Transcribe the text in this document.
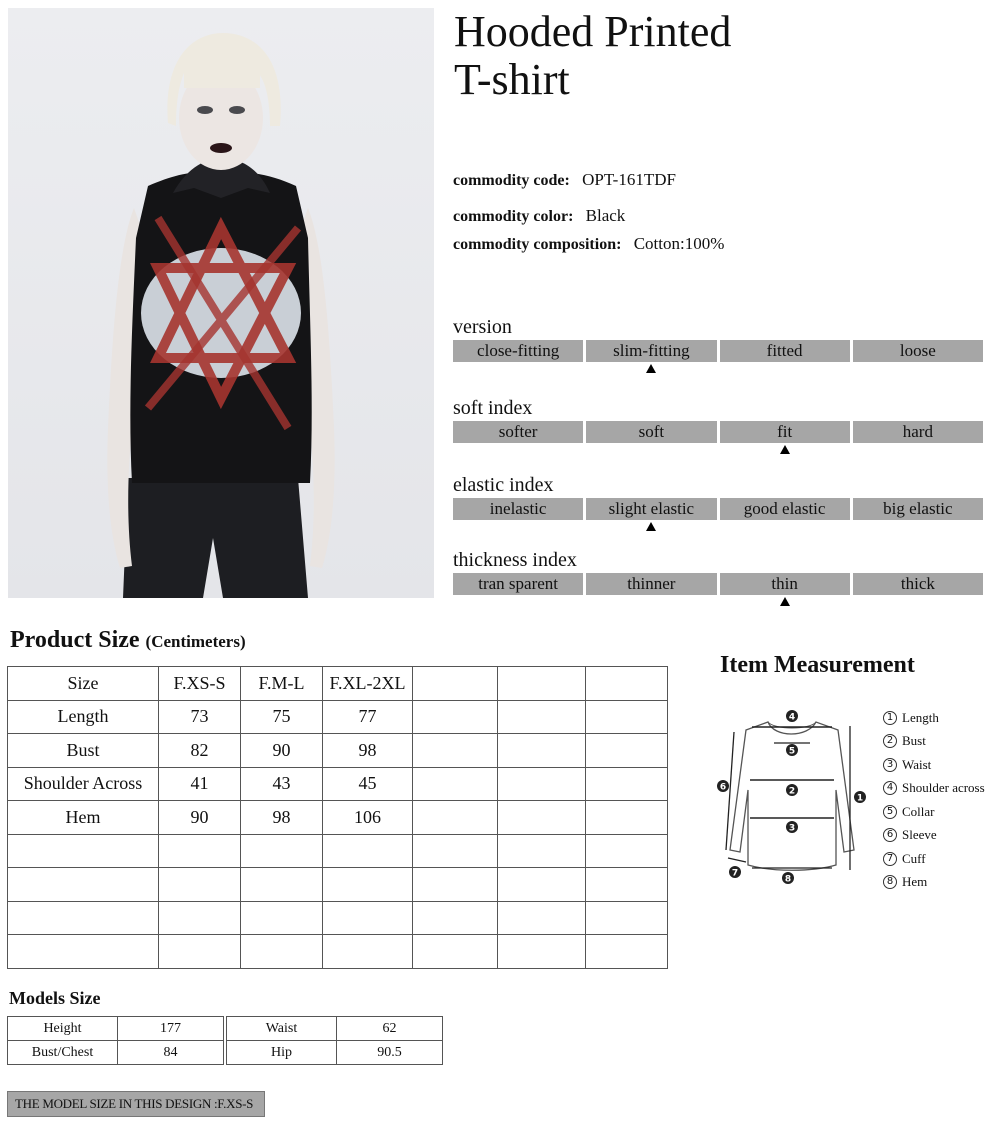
Hooded Printed
T-shirt
commodity code: OPT-161TDF
commodity color: Black
commodity composition: Cotton:100%
version
close-fitting	slim-fitting	fitted	loose
soft index
softer	soft	fit	hard
elastic index
inelastic	slight elastic	good elastic	big elastic
thickness index
tran sparent	thinner	thin	thick
Product Size (Centimeters)
Size	F.XS-S	F.M-L	F.XL-2XL			
Length	73	75	77			
Bust	82	90	98			
Shoulder Across	41	43	45			
Hem	90	98	106			

Item Measurement
4
5
2
3
1
6
7
8
1 Length
2 Bust
3 Waist
4 Shoulder across
5 Collar
6 Sleeve
7 Cuff
8 Hem
Models Size
Height	177
Bust/Chest	84
Waist	62
Hip	90.5
THE MODEL SIZE IN THIS DESIGN :F.XS-S
